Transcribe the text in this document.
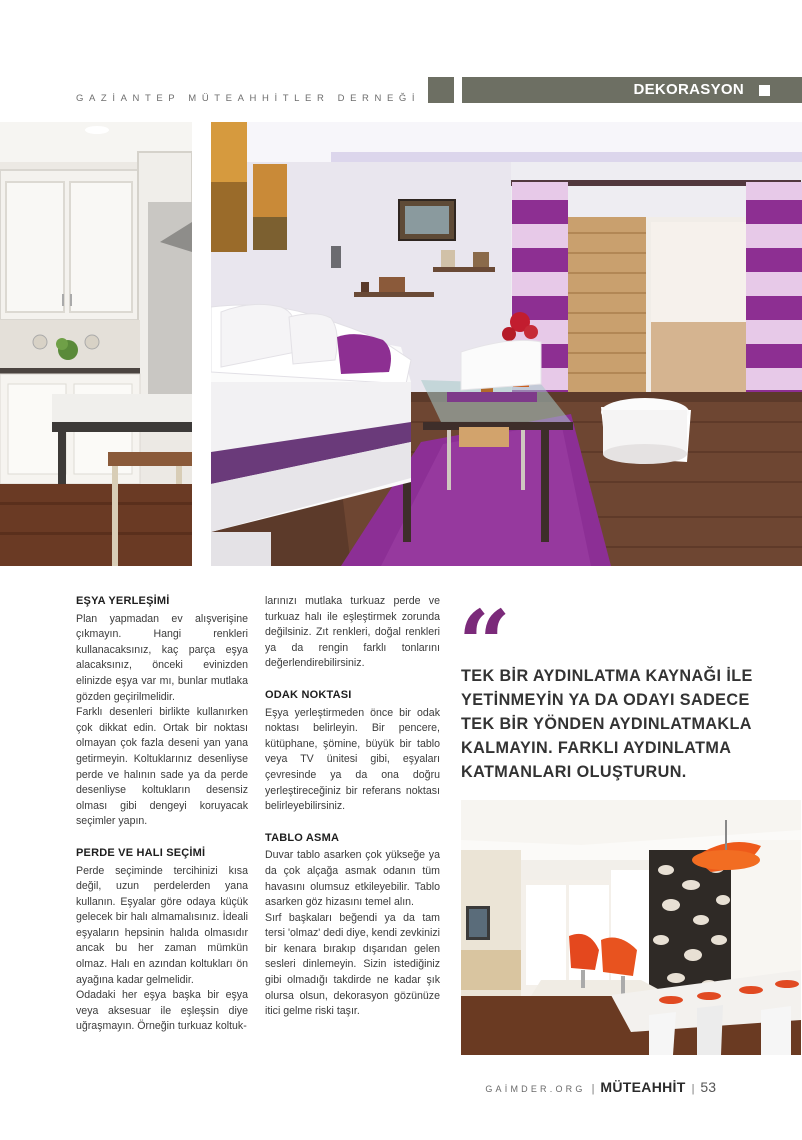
GAZİANTEP MÜTEAHHİTLER DERNEĞİ
DEKORASYON
EŞYA YERLEŞİMİ

Plan yapmadan ev alışverişine çıkmayın. Hangi renkleri kullanacaksınız, kaç parça eşya alacaksınız, önceki evinizden elinizde eşya var mı, bunlar mutlaka gözden geçirilmelidir.

Farklı desenleri birlikte kullanırken çok dikkat edin. Ortak bir noktası olmayan çok fazla deseni yan yana getirmeyin. Koltuklarınız desenliyse perde ve halının sade ya da perde desenliyse koltukların desensiz olması gibi dengeyi koruyacak seçimler yapın.

PERDE VE HALI SEÇİMİ

Perde seçiminde tercihinizi kısa değil, uzun perdelerden yana kullanın. Eşyalar göre odaya küçük gelecek bir halı almamalısınız. İdeali eşyaların hepsinin halıda olmasıdır ancak bu her zaman mümkün olmaz. Halı en azından koltukları ön ayağına kadar gelmelidir.

Odadaki her eşya başka bir eşya veya aksesuar ile eşleşsin diye uğraşmayın. Örneğin turkuaz koltuk-

larınızı mutlaka turkuaz perde ve turkuaz halı ile eşleştirmek zorunda değilsiniz. Zıt renkleri, doğal renkleri ya da rengin farklı tonlarını değerlendirebilirsiniz.

ODAK NOKTASI

Eşya yerleştirmeden önce bir odak noktası belirleyin. Bir pencere, kütüphane, şömine, büyük bir tablo veya TV ünitesi gibi, eşyaları çevresinde ya da ona doğru yerleştireceğiniz bir referans noktası belirleyebilirsiniz.

TABLO ASMA

Duvar tablo asarken çok yükseğe ya da çok alçağa asmak odanın tüm havasını olumsuz etkileyebilir. Tablo asarken göz hizasını temel alın.

Sırf başkaları beğendi ya da tam tersi 'olmaz' dedi diye, kendi zevkinizi bir kenara bırakıp dışarıdan gelen sesleri dinlemeyin. Sizin istediğiniz gibi olmadığı takdirde ne kadar şık olursa olsun, dekorasyon gözünüze itici gelme riski taşır.

“
TEK BİR AYDINLATMA KAYNAĞI İLE YETİNMEYİN YA DA ODAYI SADECE TEK BİR YÖNDEN AYDINLATMAKLA KALMAYIN. FARKLI AYDINLATMA KATMANLARI OLUŞTURUN.
GAİMDER.ORG | MÜTEAHHİT | 53
